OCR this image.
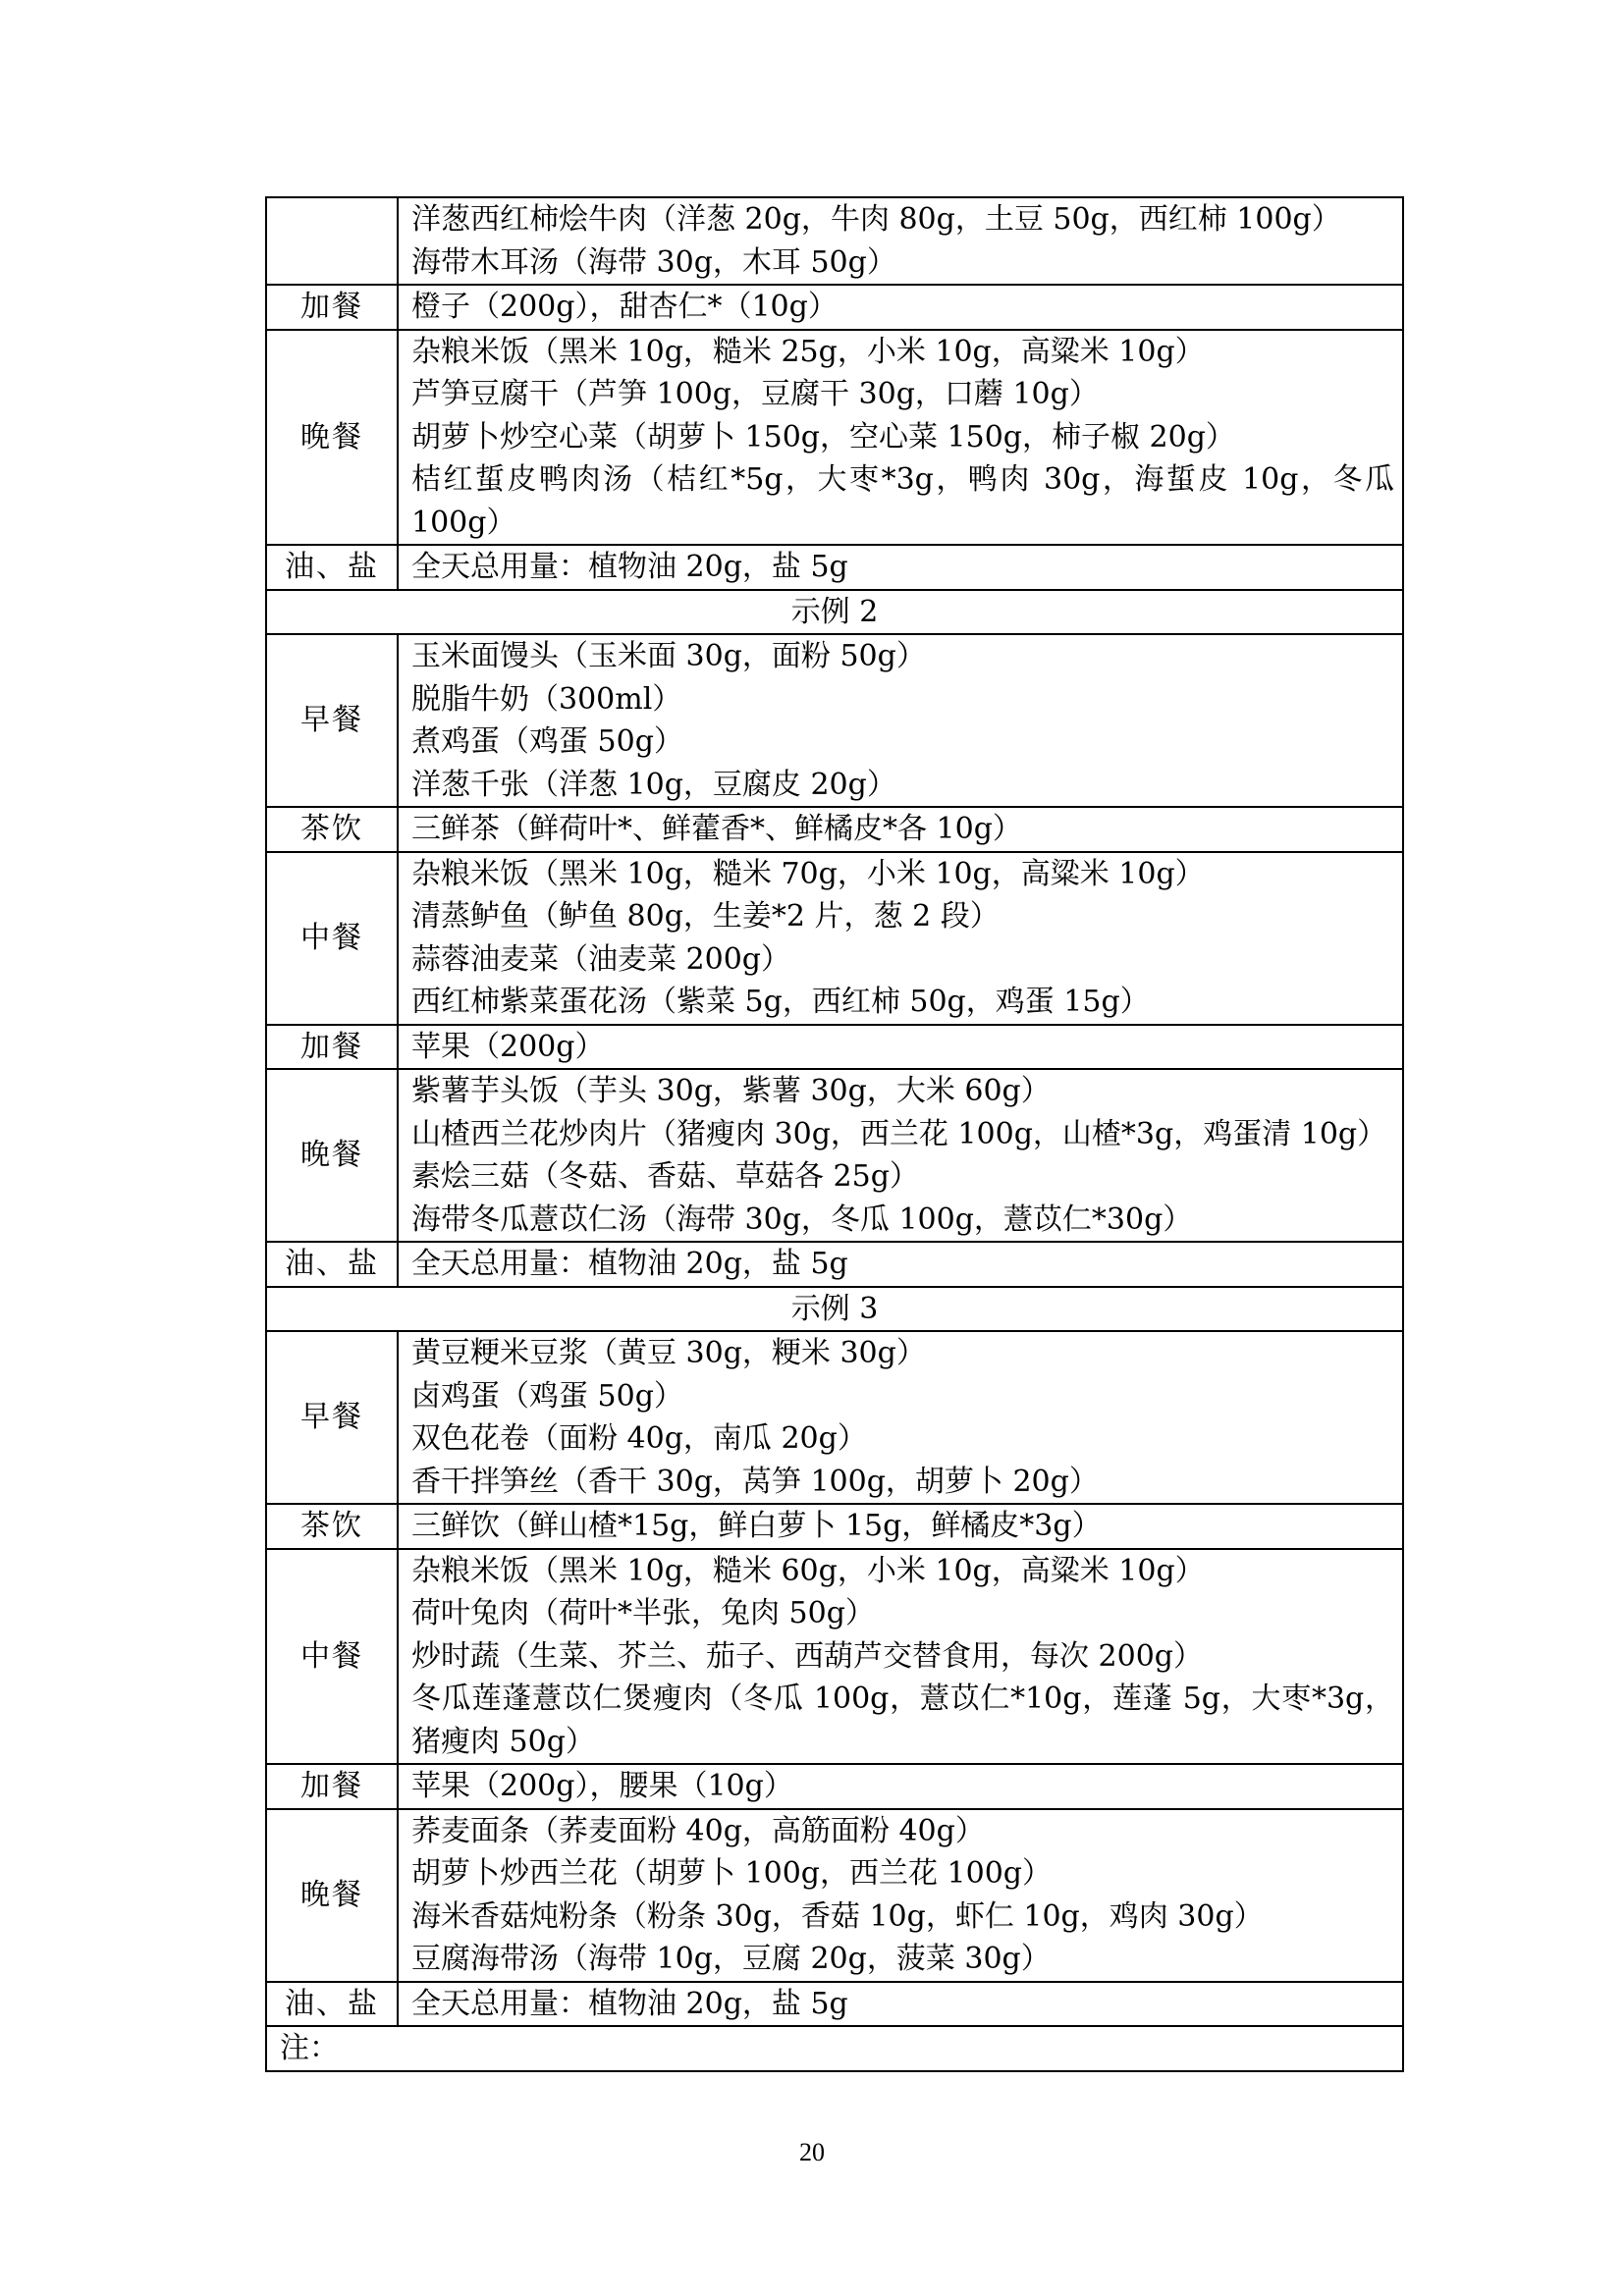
	洋葱西红柿烩牛肉（洋葱 20g，牛肉 80g，土豆 50g，西红柿 100g）
海带木耳汤（海带 30g，木耳 50g）

加餐	橙子（200g），甜杏仁*（10g）

晚餐	杂粮米饭（黑米 10g，糙米 25g，小米 10g，高粱米 10g）
芦笋豆腐干（芦笋 100g，豆腐干 30g，口蘑 10g）
胡萝卜炒空心菜（胡萝卜 150g，空心菜 150g，柿子椒 20g）
桔红蜇皮鸭肉汤（桔红*5g，大枣*3g，鸭肉 30g，海蜇皮 10g，冬瓜 100g）

油、盐	全天总用量：植物油 20g，盐 5g

示例 2	
早餐	玉米面馒头（玉米面 30g，面粉 50g）
脱脂牛奶（300ml）
煮鸡蛋（鸡蛋 50g）
洋葱千张（洋葱 10g，豆腐皮 20g）

茶饮	三鲜茶（鲜荷叶*、鲜藿香*、鲜橘皮*各 10g）

中餐	杂粮米饭（黑米 10g，糙米 70g，小米 10g，高粱米 10g）
清蒸鲈鱼（鲈鱼 80g，生姜*2 片，葱 2 段）
蒜蓉油麦菜（油麦菜 200g）
西红柿紫菜蛋花汤（紫菜 5g，西红柿 50g，鸡蛋 15g）

加餐	苹果（200g）

晚餐	紫薯芋头饭（芋头 30g，紫薯 30g，大米 60g）
山楂西兰花炒肉片（猪瘦肉 30g，西兰花 100g，山楂*3g，鸡蛋清 10g）
素烩三菇（冬菇、香菇、草菇各 25g）
海带冬瓜薏苡仁汤（海带 30g，冬瓜 100g，薏苡仁*30g）

油、盐	全天总用量：植物油 20g，盐 5g

示例 3	
早餐	黄豆粳米豆浆（黄豆 30g，粳米 30g）
卤鸡蛋（鸡蛋 50g）
双色花卷（面粉 40g，南瓜 20g）
香干拌笋丝（香干 30g，莴笋 100g，胡萝卜 20g）

茶饮	三鲜饮（鲜山楂*15g，鲜白萝卜 15g，鲜橘皮*3g）

中餐	杂粮米饭（黑米 10g，糙米 60g，小米 10g，高粱米 10g）
荷叶兔肉（荷叶*半张，兔肉 50g）
炒时蔬（生菜、芥兰、茄子、西葫芦交替食用，每次 200g）
冬瓜莲蓬薏苡仁煲瘦肉（冬瓜 100g，薏苡仁*10g，莲蓬 5g，大枣*3g，猪瘦肉 50g）

加餐	苹果（200g），腰果（10g）

晚餐	荞麦面条（荞麦面粉 40g，高筋面粉 40g）
胡萝卜炒西兰花（胡萝卜 100g，西兰花 100g）
海米香菇炖粉条（粉条 30g，香菇 10g，虾仁 10g，鸡肉 30g）
豆腐海带汤（海带 10g，豆腐 20g，菠菜 30g）

油、盐	全天总用量：植物油 20g，盐 5g

注：	
20
